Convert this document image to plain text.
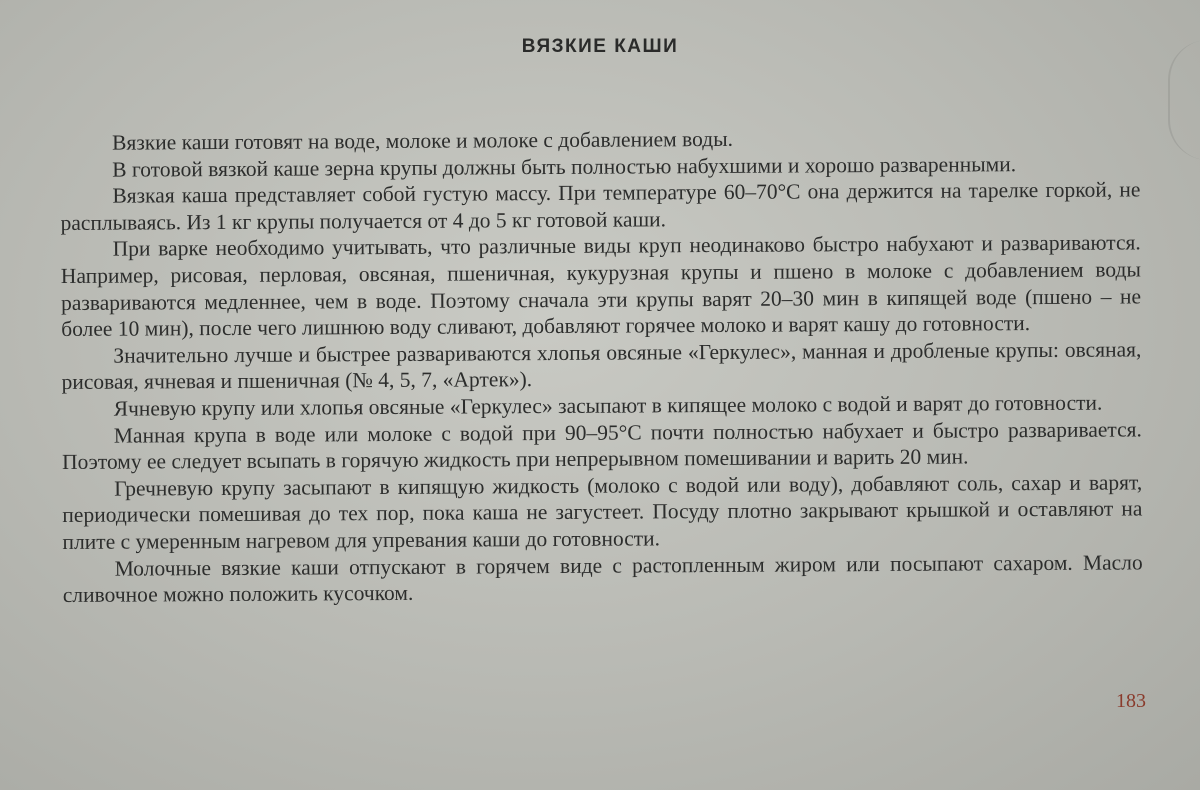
ВЯЗКИЕ КАШИ

Вязкие каши готовят на воде, молоке и молоке с добавлением воды.

В готовой вязкой каше зерна крупы должны быть полностью набухшими и хорошо разваренными.

Вязкая каша представляет собой густую массу. При температуре 60–70°C она держится на тарелке горкой, не расплываясь. Из 1 кг крупы получается от 4 до 5 кг готовой каши.

При варке необходимо учитывать, что различные виды круп неодинаково быстро набухают и развариваются. Например, рисовая, перловая, овсяная, пшеничная, кукурузная крупы и пшено в молоке с добавлением воды развариваются медленнее, чем в воде. Поэтому сначала эти крупы варят 20–30 мин в кипящей воде (пшено – не более 10 мин), после чего лишнюю воду сливают, добавляют горячее молоко и варят кашу до готовности.

Значительно лучше и быстрее развариваются хлопья овсяные «Геркулес», манная и дробленые крупы: овсяная, рисовая, ячневая и пшеничная (№ 4, 5, 7, «Артек»).

Ячневую крупу или хлопья овсяные «Геркулес» засыпают в кипящее молоко с водой и варят до готовности.

Манная крупа в воде или молоке с водой при 90–95°C почти полностью набухает и быстро разваривается. Поэтому ее следует всыпать в горячую жидкость при непрерывном помешивании и варить 20 мин.

Гречневую крупу засыпают в кипящую жидкость (молоко с водой или воду), добавляют соль, сахар и варят, периодически помешивая до тех пор, пока каша не загустеет. Посуду плотно закрывают крышкой и оставляют на плите с умеренным нагревом для упревания каши до готовности.

Молочные вязкие каши отпускают в горячем виде с растопленным жиром или посыпают сахаром. Масло сливочное можно положить кусочком.

183
